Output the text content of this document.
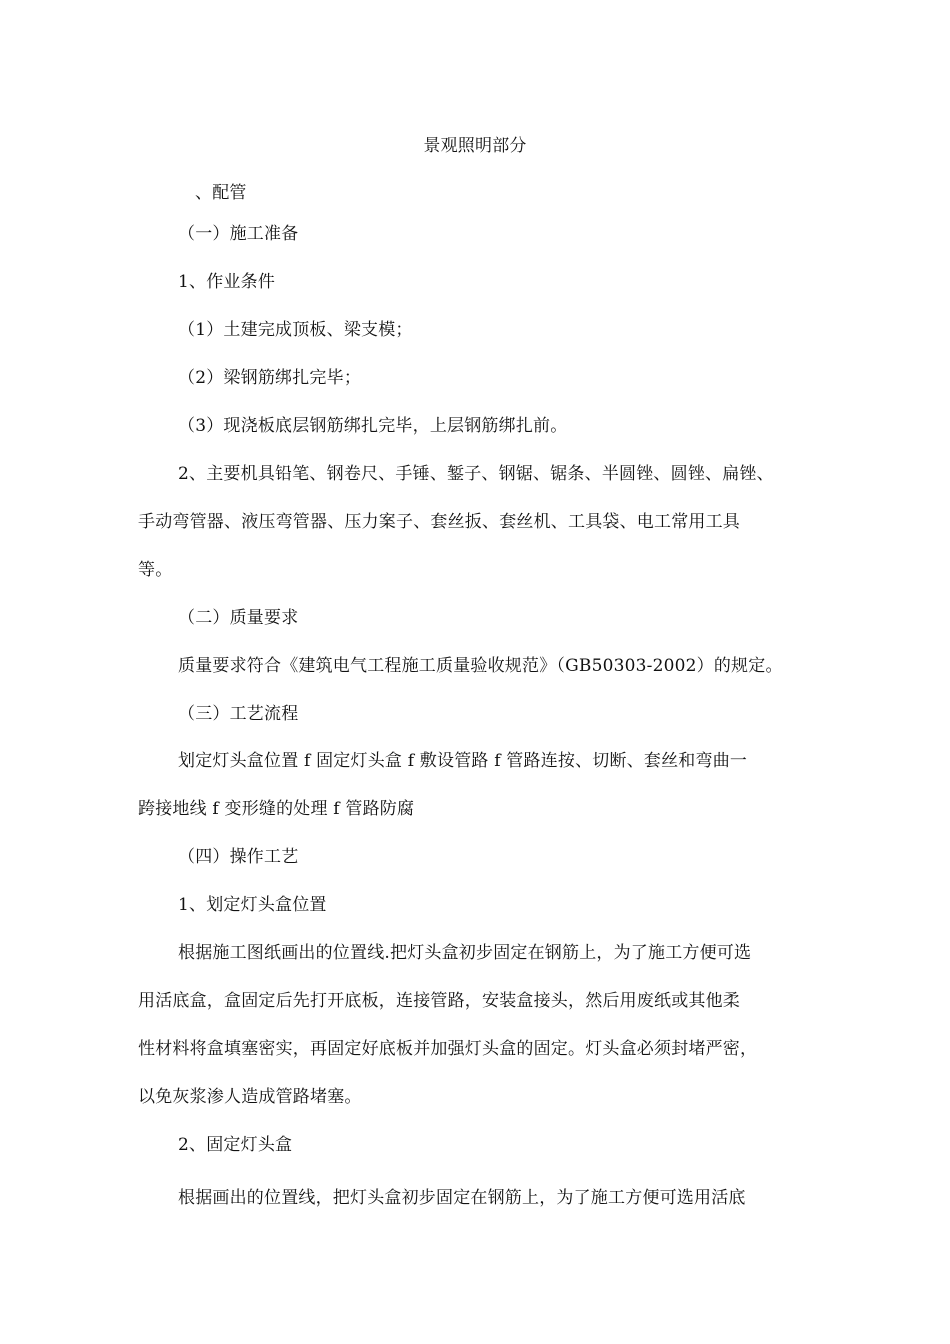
景观照明部分
、配管
（一）施工准备
1、作业条件
（1）土建完成顶板、梁支模；
（2）梁钢筋绑扎完毕；
（3）现浇板底层钢筋绑扎完毕，上层钢筋绑扎前。
2、主要机具铅笔、钢卷尺、手锤、錾子、钢锯、锯条、半圆锉、圆锉、扁锉、
手动弯管器、液压弯管器、压力案子、套丝扳、套丝机、工具袋、电工常用工具
等。
（二）质量要求
质量要求符合《建筑电气工程施工质量验收规范》（GB50303-2002）的规定。
（三）工艺流程
划定灯头盒位置 f 固定灯头盒 f 敷设管路 f 管路连按、切断、套丝和弯曲一
跨接地线 f 变形缝的处理 f 管路防腐
（四）操作工艺
1、划定灯头盒位置
根据施工图纸画出的位置线.把灯头盒初步固定在钢筋上，为了施工方便可选
用活底盒，盒固定后先打开底板，连接管路，安装盒接头，然后用废纸或其他柔
性材料将盒填塞密实，再固定好底板并加强灯头盒的固定。灯头盒必须封堵严密，
以免灰浆渗人造成管路堵塞。
2、固定灯头盒
根据画出的位置线，把灯头盒初步固定在钢筋上，为了施工方便可选用活底
